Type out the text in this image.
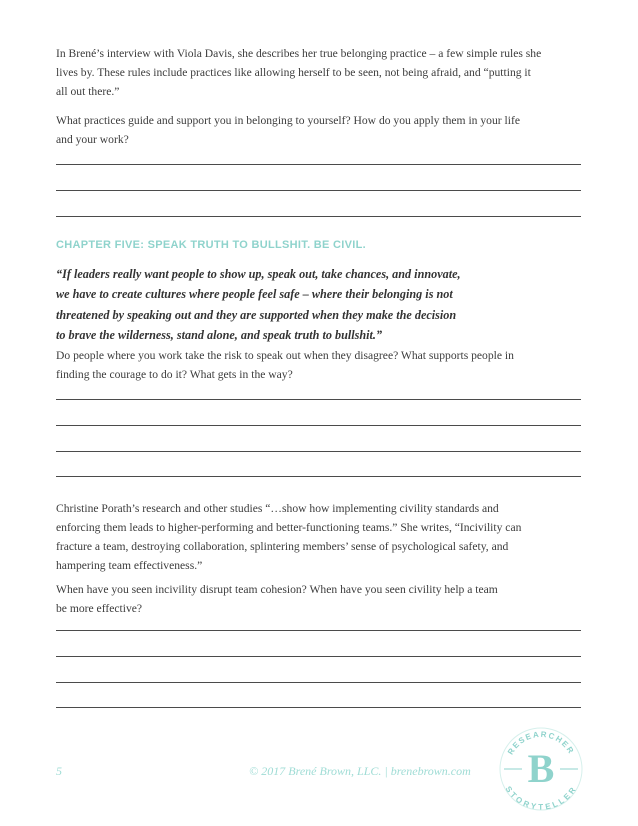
In Brené’s interview with Viola Davis, she describes her true belonging practice – a few simple rules she
lives by. These rules include practices like allowing herself to be seen, not being afraid, and “putting it
all out there.”

What practices guide and support you in belonging to yourself? How do you apply them in your life
and your work?

CHAPTER FIVE: SPEAK TRUTH TO BULLSHIT. BE CIVIL.

“If leaders really want people to show up, speak out, take chances, and innovate,
we have to create cultures where people feel safe – where their belonging is not
threatened by speaking out and they are supported when they make the decision
to brave the wilderness, stand alone, and speak truth to bullshit.”

Do people where you work take the risk to speak out when they disagree? What supports people in
finding the courage to do it? What gets in the way?

Christine Porath’s research and other studies “…show how implementing civility standards and
enforcing them leads to higher-performing and better-functioning teams.” She writes, “Incivility can
fracture a team, destroying collaboration, splintering members’ sense of psychological safety, and
hampering team effectiveness.”

When have you seen incivility disrupt team cohesion? When have you seen civility help a team
be more effective?

5	© 2017 Brené Brown, LLC. | brenebrown.com	B
RESEARCHER
STORYTELLER
